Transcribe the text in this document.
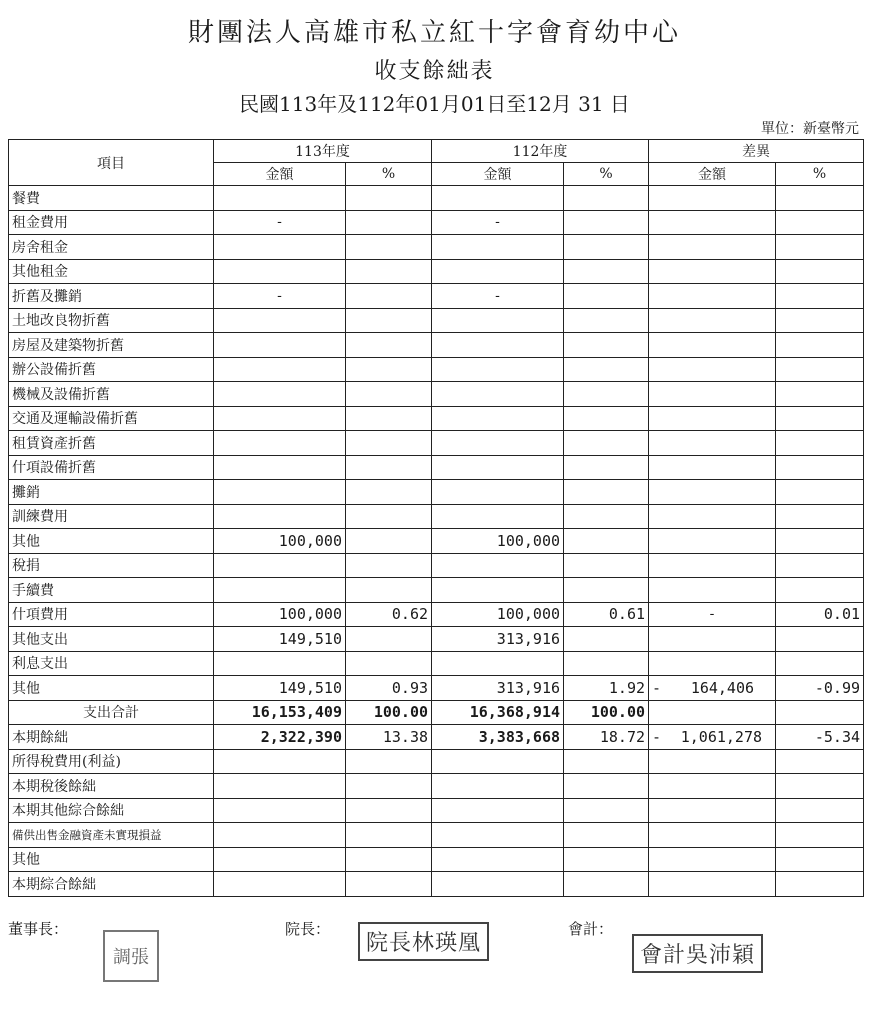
財團法人高雄市私立紅十字會育幼中心
收支餘絀表
民國113年及112年01月01日至12月 31 日
單位：新臺幣元
項目	113年度		112年度		差異	
	金額	%	金額	%	金額	%
餐費						
租金費用	-		-			
房舍租金						
其他租金						
折舊及攤銷	-		-			
土地改良物折舊						
房屋及建築物折舊						
辦公設備折舊						
機械及設備折舊						
交通及運輸設備折舊						
租賃資產折舊						
什項設備折舊						
攤銷						
訓練費用						
其他	100,000		100,000			
稅捐						
手續費						
什項費用	100,000	0.62	100,000	0.61	-	0.01
其他支出	149,510		313,916			
利息支出						
其他	149,510	0.93	313,916	1.92	- 164,406	-0.99
支出合計	16,153,409	100.00	16,368,914	100.00		
本期餘絀	2,322,390	13.38	3,383,668	18.72	- 1,061,278	-5.34
所得稅費用(利益)						
本期稅後餘絀						
本期其他綜合餘絀						
備供出售金融資產未實現損益						
其他						
本期綜合餘絀						
董事長：
調張
院長：
院長林瑛凰
會計：
會計吳沛穎
